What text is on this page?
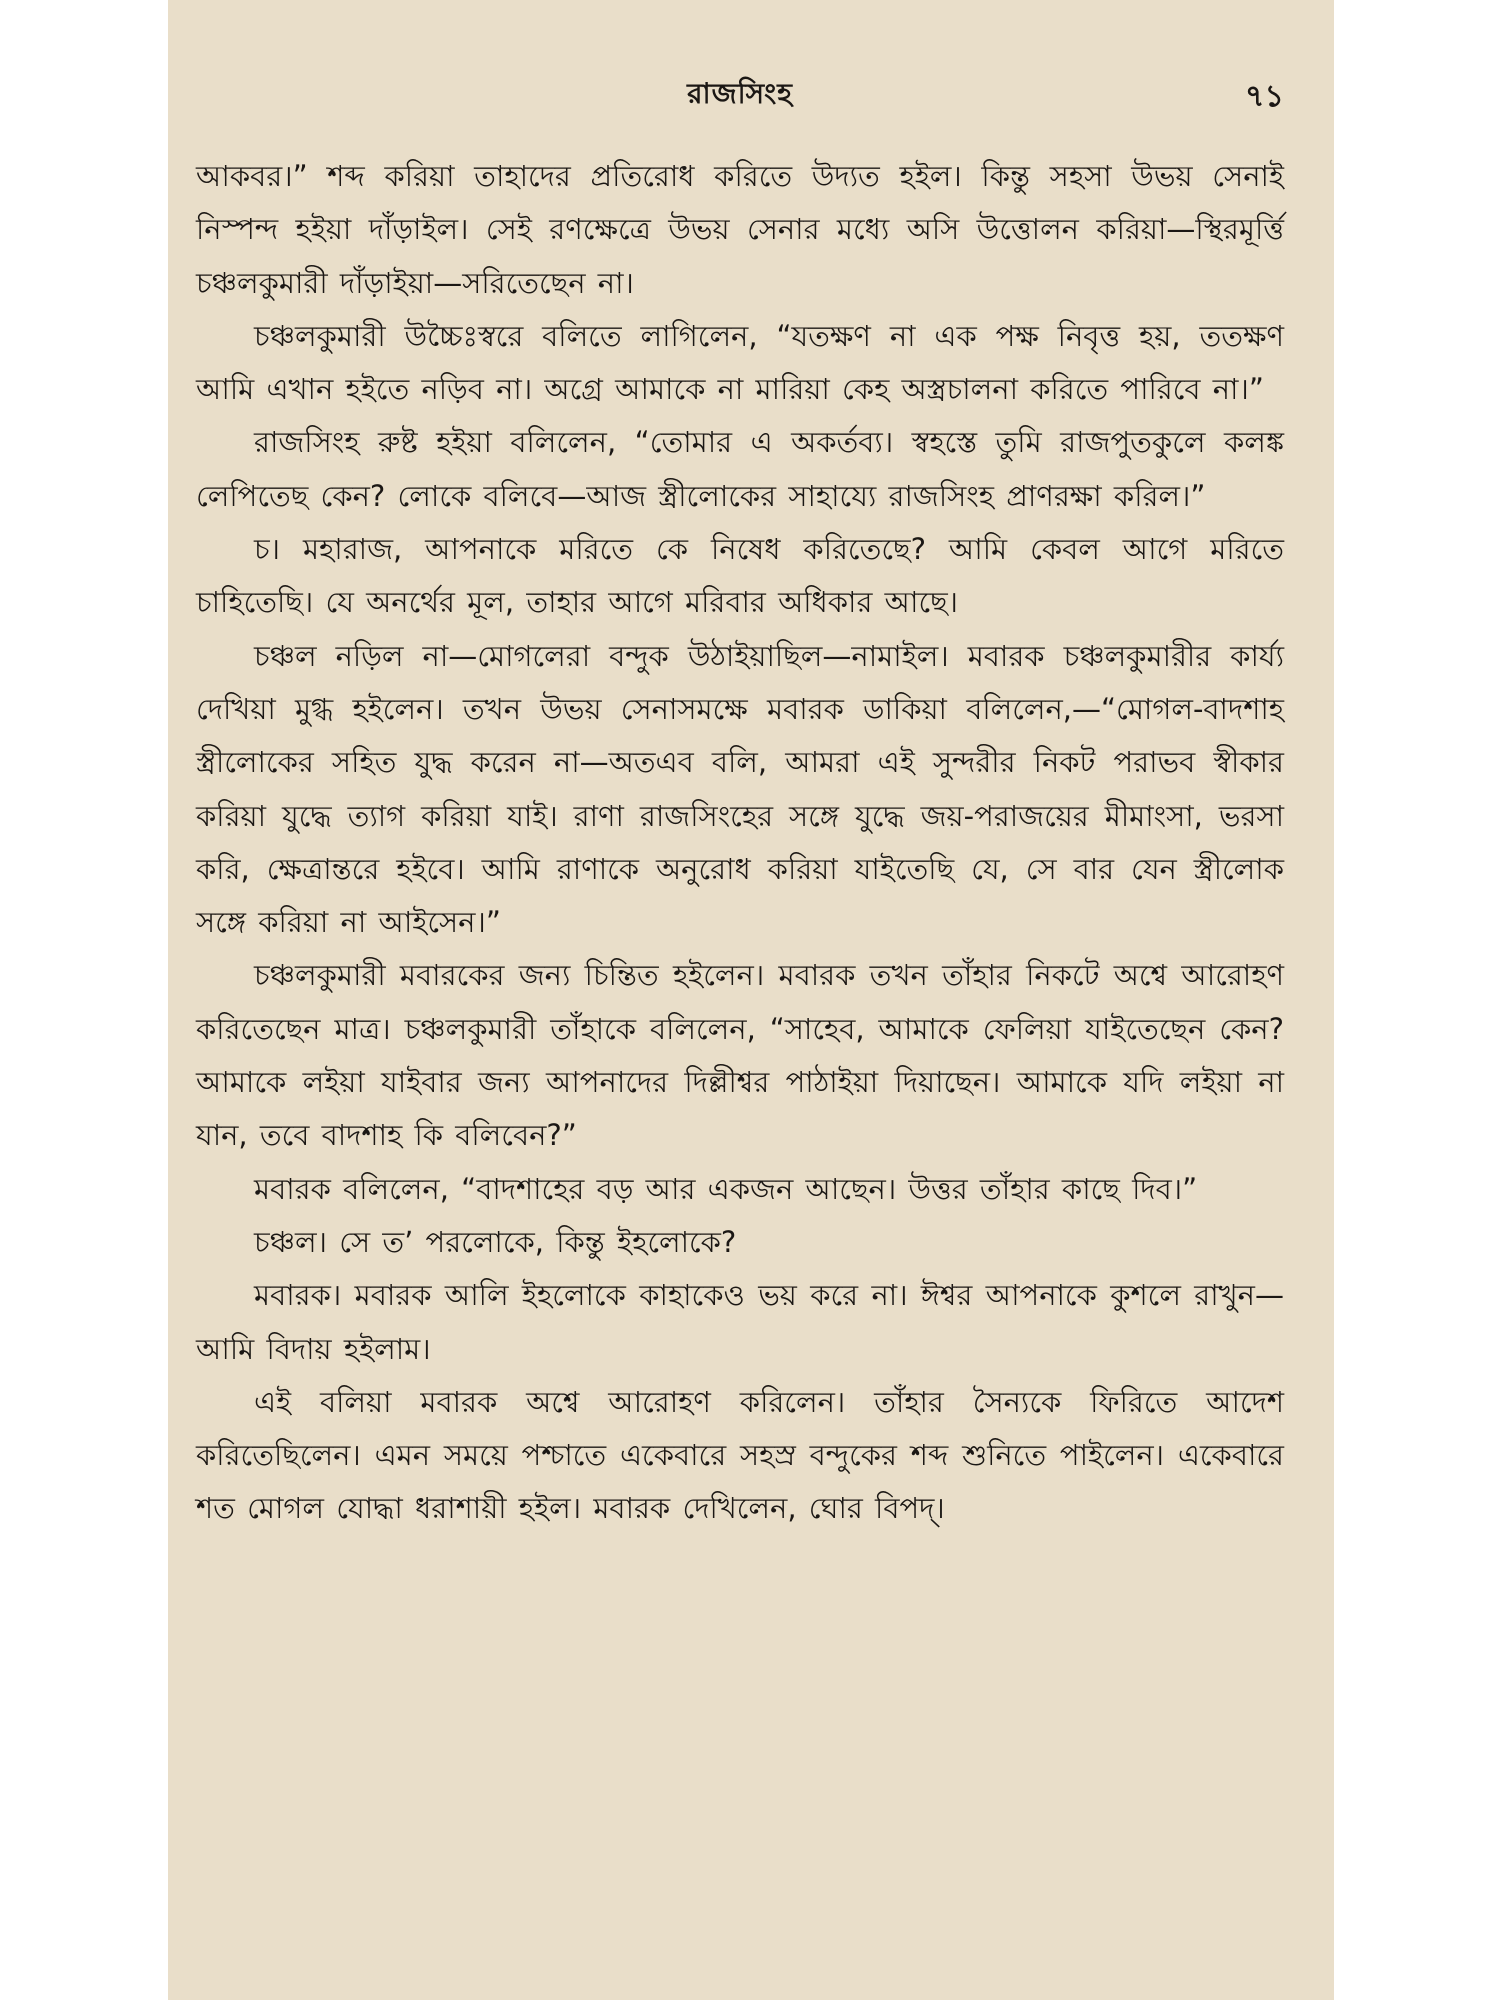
রাজসিংহ	৭১

আকবর।” শব্দ করিয়া তাহাদের প্রতিরোধ করিতে উদ্যত হইল। কিন্তু সহসা উভয় সেনাই নিস্পন্দ হইয়া দাঁড়াইল। সেই রণক্ষেত্রে উভয় সেনার মধ্যে অসি উত্তোলন করিয়া—স্থিরমূর্ত্তি চঞ্চলকুমারী দাঁড়াইয়া—সরিতেছেন না।

চঞ্চলকুমারী উচ্চৈঃস্বরে বলিতে লাগিলেন, “যতক্ষণ না এক পক্ষ নিবৃত্ত হয়, ততক্ষণ আমি এখান হইতে নড়িব না। অগ্রে আমাকে না মারিয়া কেহ অস্ত্রচালনা করিতে পারিবে না।”

রাজসিংহ রুষ্ট হইয়া বলিলেন, “তোমার এ অকর্তব্য। স্বহস্তে তুমি রাজপুতকুলে কলঙ্ক লেপিতেছ কেন? লোকে বলিবে—আজ স্ত্রীলোকের সাহায্যে রাজসিংহ প্রাণরক্ষা করিল।”

চ। মহারাজ, আপনাকে মরিতে কে নিষেধ করিতেছে? আমি কেবল আগে মরিতে চাহিতেছি। যে অনর্থের মূল, তাহার আগে মরিবার অধিকার আছে।

চঞ্চল নড়িল না—মোগলেরা বন্দুক উঠাইয়াছিল—নামাইল। মবারক চঞ্চলকুমারীর কার্য্য দেখিয়া মুগ্ধ হইলেন। তখন উভয় সেনাসমক্ষে মবারক ডাকিয়া বলিলেন,—“মোগল-বাদশাহ স্ত্রীলোকের সহিত যুদ্ধ করেন না—অতএব বলি, আমরা এই সুন্দরীর নিকট পরাভব স্বীকার করিয়া যুদ্ধে ত্যাগ করিয়া যাই। রাণা রাজসিংহের সঙ্গে যুদ্ধে জয়-পরাজয়ের মীমাংসা, ভরসা করি, ক্ষেত্রান্তরে হইবে। আমি রাণাকে অনুরোধ করিয়া যাইতেছি যে, সে বার যেন স্ত্রীলোক সঙ্গে করিয়া না আইসেন।”

চঞ্চলকুমারী মবারকের জন্য চিন্তিত হইলেন। মবারক তখন তাঁহার নিকটে অশ্বে আরোহণ করিতেছেন মাত্র। চঞ্চলকুমারী তাঁহাকে বলিলেন, “সাহেব, আমাকে ফেলিয়া যাইতেছেন কেন? আমাকে লইয়া যাইবার জন্য আপনাদের দিল্লীশ্বর পাঠাইয়া দিয়াছেন। আমাকে যদি লইয়া না যান, তবে বাদশাহ কি বলিবেন?”

মবারক বলিলেন, “বাদশাহের বড় আর একজন আছেন। উত্তর তাঁহার কাছে দিব।”

চঞ্চল। সে ত’ পরলোকে, কিন্তু ইহলোকে?

মবারক। মবারক আলি ইহলোকে কাহাকেও ভয় করে না। ঈশ্বর আপনাকে কুশলে রাখুন—আমি বিদায় হইলাম।

এই বলিয়া মবারক অশ্বে আরোহণ করিলেন। তাঁহার সৈন্যকে ফিরিতে আদেশ করিতেছিলেন। এমন সময়ে পশ্চাতে একেবারে সহস্র বন্দুকের শব্দ শুনিতে পাইলেন। একেবারে শত মোগল যোদ্ধা ধরাশায়ী হইল। মবারক দেখিলেন, ঘোর বিপদ্।
